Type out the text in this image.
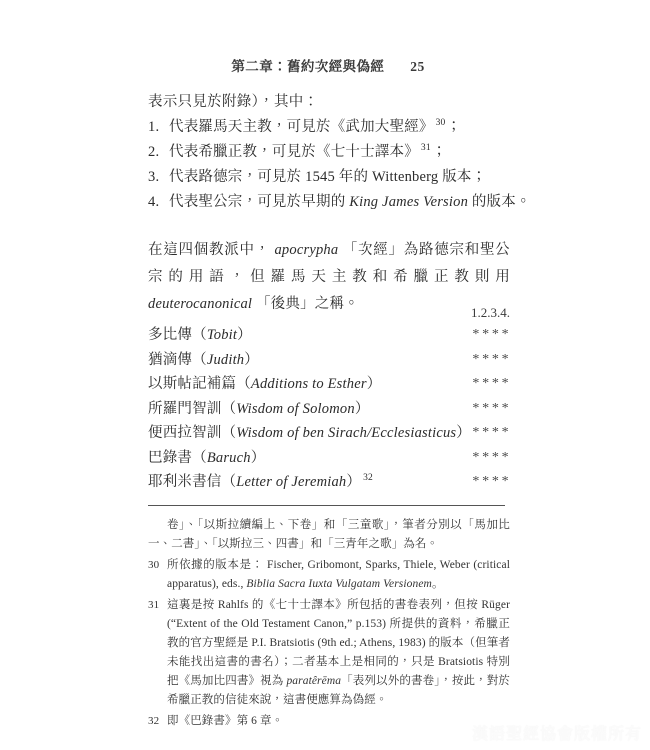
第二章：舊約次經與偽經 25
表示只見於附錄），其中：
1. 代表羅馬天主教，可見於《武加大聖經》 $^{30}$；
2. 代表希臘正教，可見於《七十士譯本》 $^{31}$；
3. 代表路德宗，可見於 1545 年的 Wittenberg 版本；
4. 代表聖公宗，可見於早期的 King James Version 的版本。

在這四個教派中， apocrypha 「次經」為路德宗和聖公宗的用語，但羅馬天主教和希臘正教則用 deuterocanonical 「後典」之稱。

		1.	2.	3.	4.
多比傳（Tobit）		*	*	*	*
猶滴傳（Judith）		*	*	*	*
以斯帖記補篇（Additions to Esther）		*	*	*	*
所羅門智訓（Wisdom of Solomon）		*	*	*	*
便西拉智訓（Wisdom of ben Sirach/Ecclesiasticus）		*	*	*	*
巴錄書（Baruch）		*	*	*	*
耶利米書信（Letter of Jeremiah） $^{32}$		*	*	*	*
卷」、「以斯拉續編上、下卷」和「三童歌」，筆者分別以「馬加比一、二書」、「以斯拉三、四書」和「三青年之歌」為名。
30 所依據的版本是： Fischer, Gribomont, Sparks, Thiele, Weber (critical apparatus), eds., Biblia Sacra Iuxta Vulgatam Versionem。
31 這裏是按 Rahlfs 的《七十士譯本》所包括的書卷表列，但按 Rüger (“Extent of the Old Testament Canon,” p.153) 所提供的資料，希臘正教的官方聖經是 P.I. Bratsiotis (9th ed.; Athens, 1983) 的版本（但筆者未能找出這書的書名）；二者基本上是相同的，只是 Bratsiotis 特別把《馬加比四書》視為 paratêrēma「表列以外的書卷」，按此，對於希臘正教的信徒來說，這書便應算為偽經。
32 即《巴錄書》第 6 章。
漢語聖經協會版權所有
